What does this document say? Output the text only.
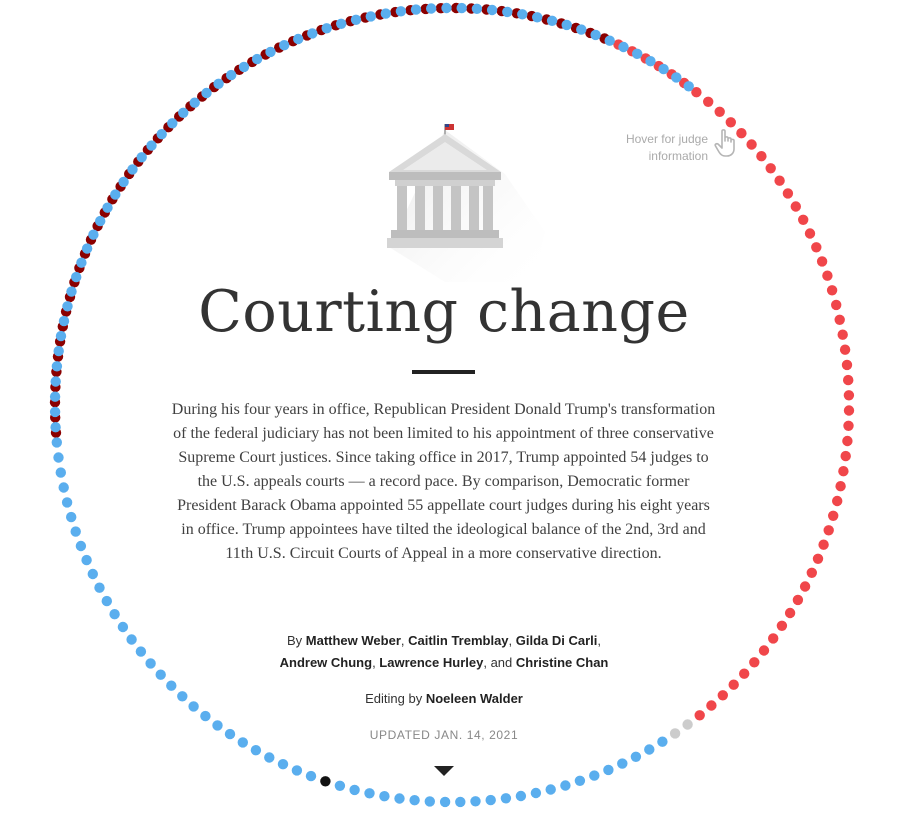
Hover for judge information
Courting change

During his four years in office, Republican President Donald Trump's transformation of the federal judiciary has not been limited to his appointment of three conservative Supreme Court justices. Since taking office in 2017, Trump appointed 54 judges to the U.S. appeals courts — a record pace. By comparison, Democratic former President Barack Obama appointed 55 appellate court judges during his eight years in office. Trump appointees have tilted the ideological balance of the 2nd, 3rd and 11th U.S. Circuit Courts of Appeal in a more conservative direction.

By Matthew Weber, Caitlin Tremblay, Gilda Di Carli,
Andrew Chung, Lawrence Hurley, and Christine Chan
Editing by Noeleen Walder
UPDATED JAN. 14, 2021
